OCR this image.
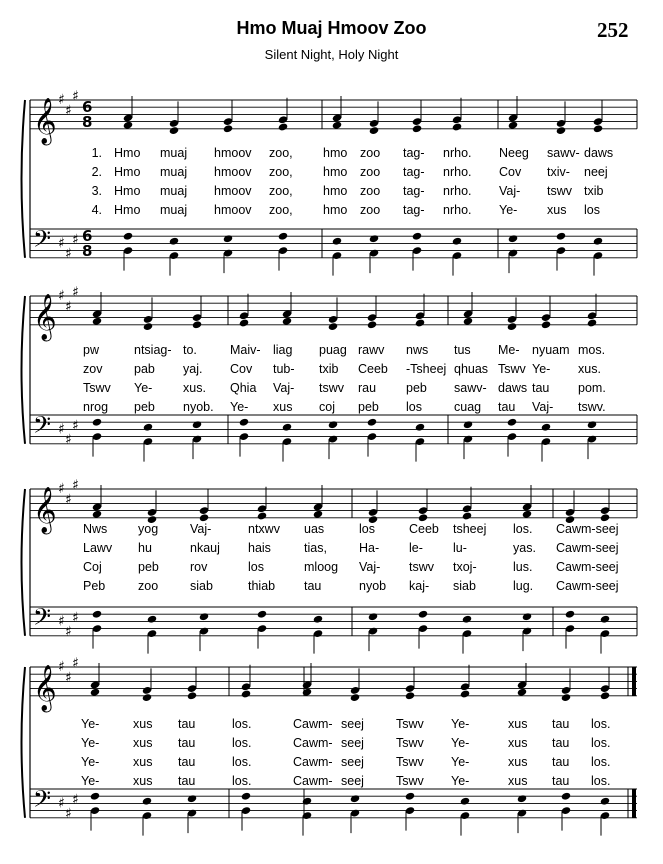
Hmo Muaj Hmoov Zoo	252
Silent Night, Holy Night
𝄞
𝄢
♯
♯
♯
♯
♯
♯
6
8
6
8
𝄞
𝄢
♯
♯
♯
♯
♯
♯
𝄞
𝄢
♯
♯
♯
♯
♯
♯
𝄞
𝄢
♯
♯
♯
♯
♯
♯
1.
2.
3.
4.
Hmo muaj hmoov zoo, hmo zoo tag- nrho. Neeg sawv- daws
Hmo muaj hmoov zoo, hmo zoo tag- nrho. Cov txiv- neej
Hmo muaj hmoov zoo, hmo zoo tag- nrho. Vaj- tswv txib
Hmo muaj hmoov zoo, hmo zoo tag- nrho. Ye- xus los
pw	ntsiag- to.	Maiv- liag puag rawv nws tus Me- nyuam mos.
zov	pab yaj. Cov tub- txib Ceeb -Tsheej qhuas Tswv Ye- xus.
Tswv Ye- xus. Qhia Vaj- tswv rau peb sawv- daws tau pom.
nrog peb nyob. Ye- xus coj peb los	cuag tau Vaj- tswv.
Nws yog	Vaj-	ntxwv uas	los	Ceeb tsheej los. Cawm-seej
Lawv hu	nkauj hais	tias,	Ha- le- lu-	yas. Cawm-seej
Coj	peb rov	los	mloog Vaj- tswv txoj-	lus. Cawm-seej
Peb	zoo	siab	thiab tau	nyob kaj- siab	lug. Cawm-seej
Ye-	xus tau	los.	Cawm- seej	Tswv Ye-	xus tau los.
Ye-	xus tau	los.	Cawm- seej	Tswv Ye-	xus tau los.
Ye-	xus tau	los.	Cawm- seej	Tswv Ye-	xus tau los.
Ye-	xus tau	los.	Cawm- seej	Tswv Ye-	xus tau los.
